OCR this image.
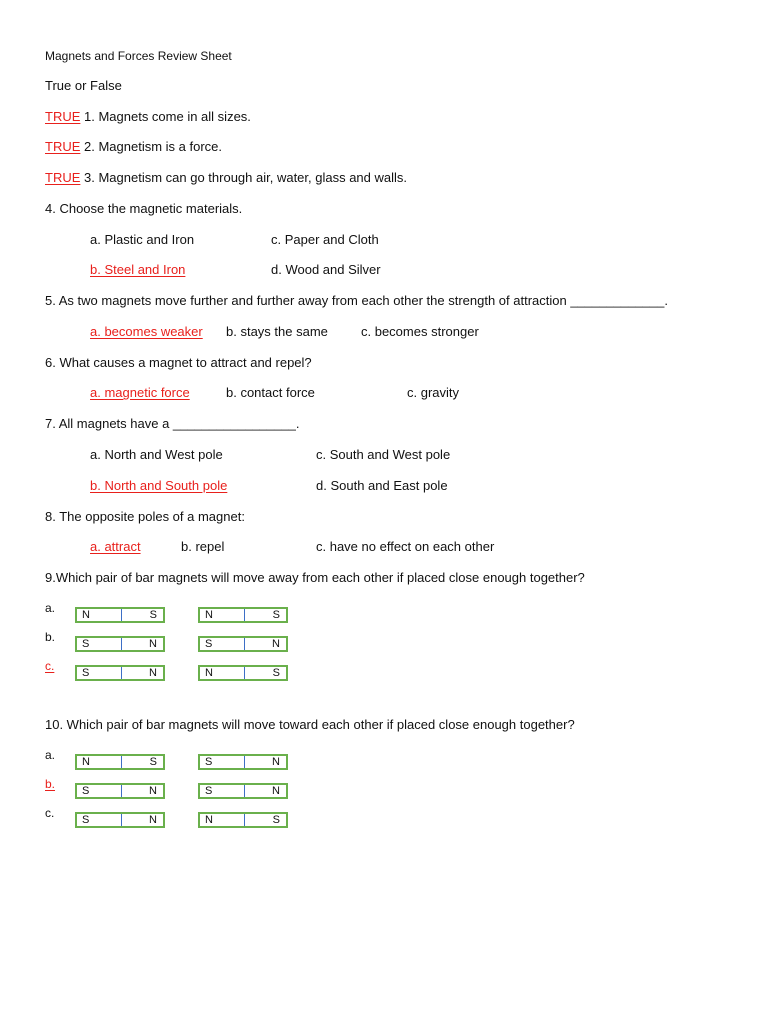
Magnets and Forces Review Sheet
True or False
TRUE 1. Magnets come in all sizes.
TRUE 2. Magnetism is a force.
TRUE 3. Magnetism can go through air, water, glass and walls.
4. Choose the magnetic materials.
a. Plastic and Iron	c. Paper and Cloth
b. Steel and Iron	d. Wood and Silver
5. As two magnets move further and further away from each other the strength of attraction _____________.
a. becomes weaker b. stays the same	c. becomes stronger
6. What causes a magnet to attract and repel?
a. magnetic force	b. contact force	c. gravity
7. All magnets have a _________________.
a. North and West pole	c. South and West pole
b. North and South pole	d. South and East pole
8. The opposite poles of a magnet:
a. attract	b. repel	c. have no effect on each other
9.Which pair of bar magnets will move away from each other if placed close enough together?
a. N	S	N	S
b. S	N	S	N
c.	S	N	N	S
10. Which pair of bar magnets will move toward each other if placed close enough together?
a. N	S	S	N
b. S	N	S	N
c.	S	N	N	S
